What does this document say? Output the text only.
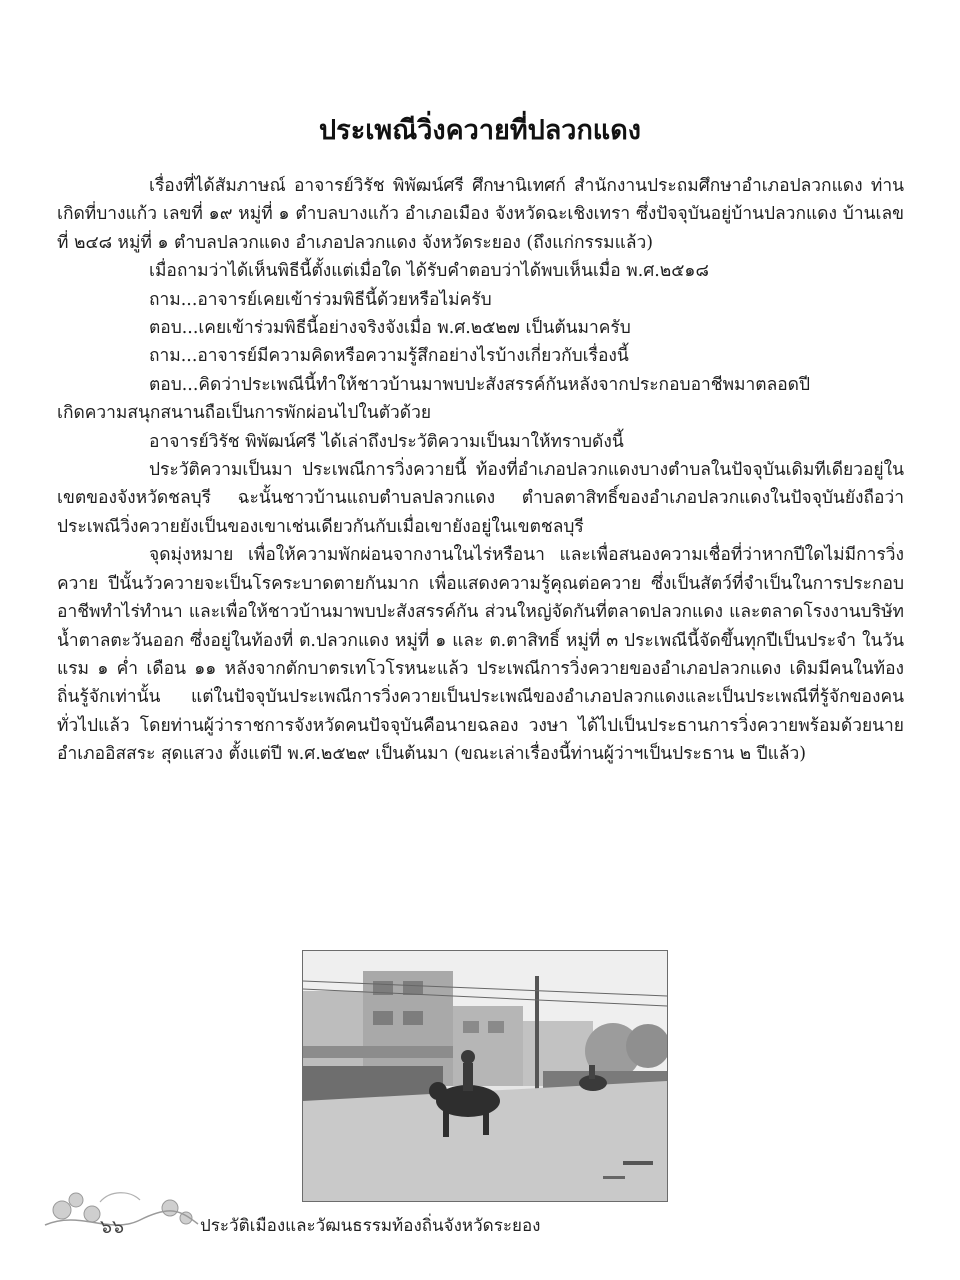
ประเพณีวิ่งควายที่ปลวกแดง

เรื่องที่ได้สัมภาษณ์ อาจารย์วิรัช พิพัฒน์ศรี ศึกษานิเทศก์ สำนักงานประถมศึกษาอำเภอปลวกแดง ท่านเกิดที่บางแก้ว เลขที่ ๑๙ หมู่ที่ ๑ ตำบลบางแก้ว อำเภอเมือง จังหวัดฉะเชิงเทรา ซึ่งปัจจุบันอยู่บ้านปลวกแดง บ้านเลขที่ ๒๔๘ หมู่ที่ ๑ ตำบลปลวกแดง อำเภอปลวกแดง จังหวัดระยอง (ถึงแก่กรรมแล้ว)

เมื่อถามว่าได้เห็นพิธีนี้ตั้งแต่เมื่อใด ได้รับคำตอบว่าได้พบเห็นเมื่อ พ.ศ.๒๕๑๘

ถาม...อาจารย์เคยเข้าร่วมพิธีนี้ด้วยหรือไม่ครับ

ตอบ...เคยเข้าร่วมพิธีนี้อย่างจริงจังเมื่อ พ.ศ.๒๕๒๗ เป็นต้นมาครับ

ถาม...อาจารย์มีความคิดหรือความรู้สึกอย่างไรบ้างเกี่ยวกับเรื่องนี้

ตอบ...คิดว่าประเพณีนี้ทำให้ชาวบ้านมาพบปะสังสรรค์กันหลังจากประกอบอาชีพมาตลอดปี

เกิดความสนุกสนานถือเป็นการพักผ่อนไปในตัวด้วย

อาจารย์วิรัช พิพัฒน์ศรี ได้เล่าถึงประวัติความเป็นมาให้ทราบดังนี้

ประวัติความเป็นมา ประเพณีการวิ่งควายนี้ ท้องที่อำเภอปลวกแดงบางตำบลในปัจจุบันเดิมทีเดียวอยู่ในเขตของจังหวัดชลบุรี ฉะนั้นชาวบ้านแถบตำบลปลวกแดง ตำบลตาสิทธิ์ของอำเภอปลวกแดงในปัจจุบันยังถือว่าประเพณีวิ่งควายยังเป็นของเขาเช่นเดียวกันกับเมื่อเขายังอยู่ในเขตชลบุรี

จุดมุ่งหมาย เพื่อให้ความพักผ่อนจากงานในไร่หรือนา และเพื่อสนองความเชื่อที่ว่าหากปีใดไม่มีการวิ่งควาย ปีนั้นวัวควายจะเป็นโรคระบาดตายกันมาก เพื่อแสดงความรู้คุณต่อควาย ซึ่งเป็นสัตว์ที่จำเป็นในการประกอบอาชีพทำไร่ทำนา และเพื่อให้ชาวบ้านมาพบปะสังสรรค์กัน ส่วนใหญ่จัดกันที่ตลาดปลวกแดง และตลาดโรงงานบริษัทน้ำตาลตะวันออก ซึ่งอยู่ในท้องที่ ต.ปลวกแดง หมู่ที่ ๑ และ ต.ตาสิทธิ์ หมู่ที่ ๓ ประเพณีนี้จัดขึ้นทุกปีเป็นประจำ ในวันแรม ๑ ค่ำ เดือน ๑๑ หลังจากตักบาตรเทโวโรหนะแล้ว ประเพณีการวิ่งควายของอำเภอปลวกแดง เดิมมีคนในท้องถิ่นรู้จักเท่านั้น แต่ในปัจจุบันประเพณีการวิ่งควายเป็นประเพณีของอำเภอปลวกแดงและเป็นประเพณีที่รู้จักของคนทั่วไปแล้ว โดยท่านผู้ว่าราชการจังหวัดคนปัจจุบันคือนายฉลอง วงษา ได้ไปเป็นประธานการวิ่งควายพร้อมด้วยนายอำเภออิสสระ สุดแสวง ตั้งแต่ปี พ.ศ.๒๕๒๙ เป็นต้นมา (ขณะเล่าเรื่องนี้ท่านผู้ว่าฯเป็นประธาน ๒ ปีแล้ว)

๖๖	ประวัติเมืองและวัฒนธรรมท้องถิ่นจังหวัดระยอง
